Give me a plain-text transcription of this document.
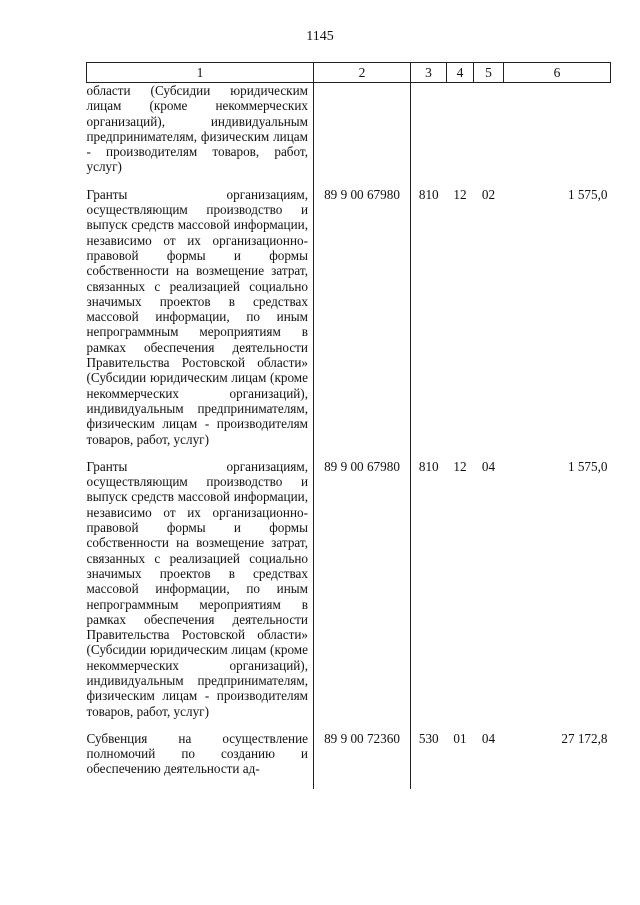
1145
1	2	3	4	5	6
области (Субсидии юридическим лицам (кроме некоммерческих организаций), индивидуальным предпринимателям, физическим лицам - производителям товаров, работ, услуг)					
Гранты организациям, осуществляющим производство и выпуск средств массовой информации, независимо от их организационно-правовой формы и формы собственности на возмещение затрат, связанных с реализацией социально значимых проектов в средствах массовой информации, по иным непрограммным мероприятиям в рамках обеспечения деятельности Правительства Ростовской области» (Субсидии юридическим лицам (кроме некоммерческих организаций), индивидуальным предпринимателям, физическим лицам - производителям товаров, работ, услуг)	89 9 00 67980	810	12	02	1 575,0
Гранты организациям, осуществляющим производство и выпуск средств массовой информации, независимо от их организационно-правовой формы и формы собственности на возмещение затрат, связанных с реализацией социально значимых проектов в средствах массовой информации, по иным непрограммным мероприятиям в рамках обеспечения деятельности Правительства Ростовской области» (Субсидии юридическим лицам (кроме некоммерческих организаций), индивидуальным предпринимателям, физическим лицам - производителям товаров, работ, услуг)	89 9 00 67980	810	12	04	1 575,0
Субвенция на осуществление полномочий по созданию и обеспечению деятельности ад-	89 9 00 72360	530	01	04	27 172,8
